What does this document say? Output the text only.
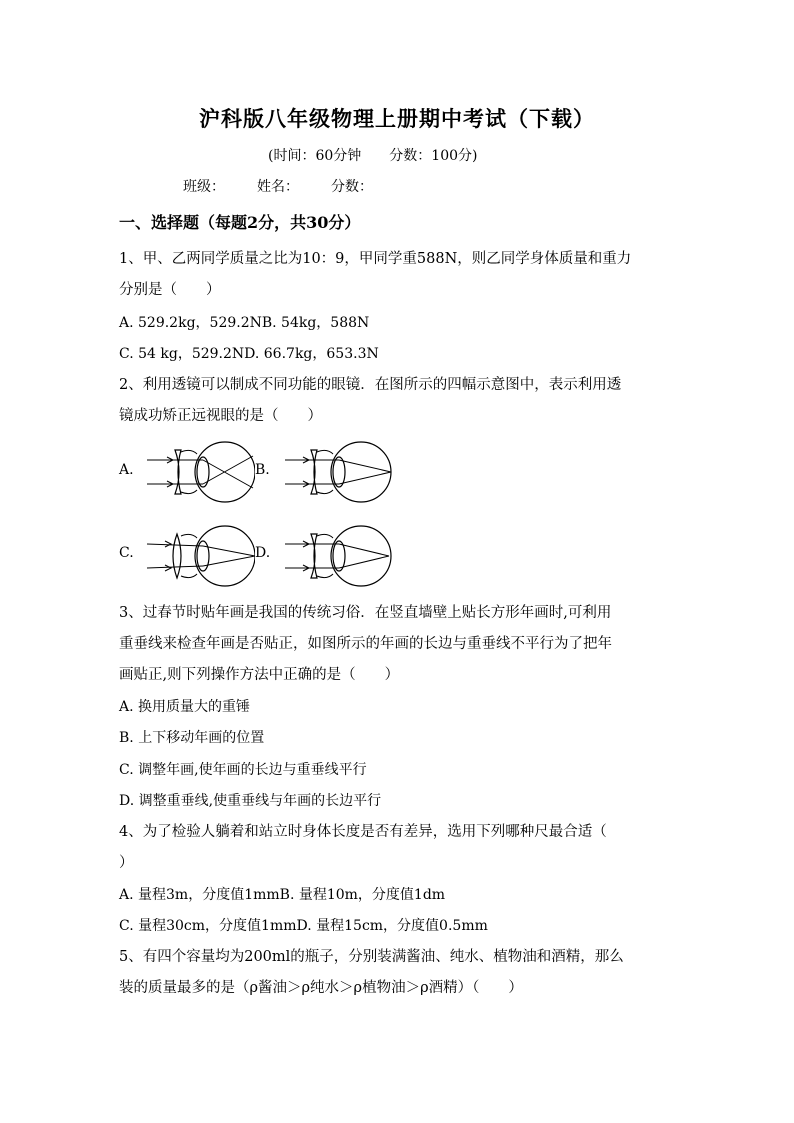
沪科版八年级物理上册期中考试（下载）
(时间：60分钟 分数：100分)
班级： 姓名： 分数：
一、选择题（每题2分，共30分）
1、甲、乙两同学质量之比为10：9，甲同学重588N，则乙同学身体质量和重力
分别是（　　）
A. 529.2kg，529.2NB. 54kg，588N
C. 54 kg，529.2ND. 66.7kg，653.3N
2、利用透镜可以制成不同功能的眼镜．在图所示的四幅示意图中，表示利用透
镜成功矫正远视眼的是（　　）
A.	B.
C.	D.
3、过春节时贴年画是我国的传统习俗．在竖直墙壁上贴长方形年画时,可利用
重垂线来检查年画是否贴正，如图所示的年画的长边与重垂线不平行为了把年
画贴正,则下列操作方法中正确的是（　　）
A. 换用质量大的重锤
B. 上下移动年画的位置
C. 调整年画,使年画的长边与重垂线平行
D. 调整重垂线,使重垂线与年画的长边平行
4、为了检验人躺着和站立时身体长度是否有差异，选用下列哪种尺最合适（
）
A. 量程3m，分度值1mmB. 量程10m，分度值1dm
C. 量程30cm，分度值1mmD. 量程15cm，分度值0.5mm
5、有四个容量均为200ml的瓶子，分别装满酱油、纯水、植物油和酒精，那么
装的质量最多的是（ρ酱油＞ρ纯水＞ρ植物油＞ρ酒精）（　　）
